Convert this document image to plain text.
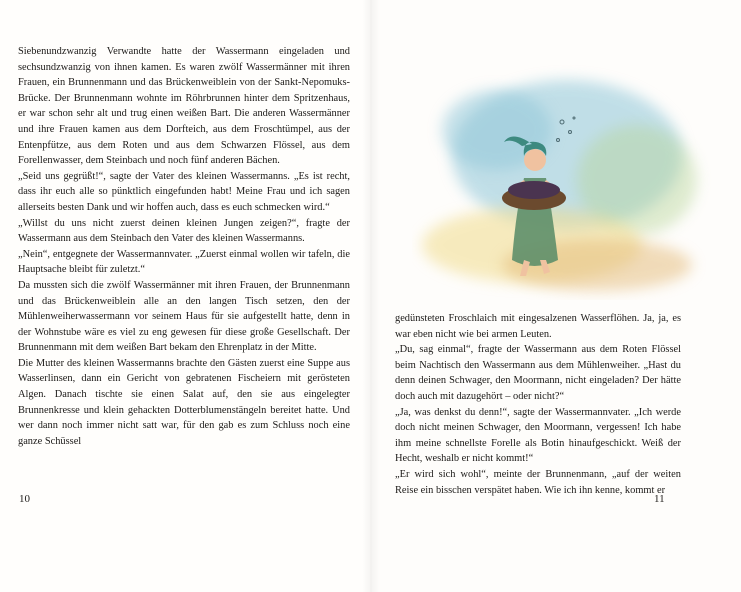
Siebenundzwanzig Verwandte hatte der Wassermann eingeladen und sechsundzwanzig von ihnen kamen. Es waren zwölf Wassermänner mit ihren Frauen, ein Brunnenmann und das Brückenweiblein von der Sankt-Nepomuks-Brücke. Der Brunnenmann wohnte im Röhrbrunnen hinter dem Spritzenhaus, er war schon sehr alt und trug einen weißen Bart. Die anderen Wassermänner und ihre Frauen kamen aus dem Dorfteich, aus dem Froschtümpel, aus der Entenpfütze, aus dem Roten und aus dem Schwarzen Flössel, aus dem Forellenwasser, dem Steinbach und noch fünf anderen Bächen.

„Seid uns gegrüßt!“, sagte der Vater des kleinen Wassermanns. „Es ist recht, dass ihr euch alle so pünktlich eingefunden habt! Meine Frau und ich sagen allerseits besten Dank und wir hoffen auch, dass es euch schmecken wird.“

„Willst du uns nicht zuerst deinen kleinen Jungen zeigen?“, fragte der Wassermann aus dem Steinbach den Vater des kleinen Wassermanns.

„Nein“, entgegnete der Wassermannvater. „Zuerst einmal wollen wir tafeln, die Hauptsache bleibt für zuletzt.“

Da mussten sich die zwölf Wassermänner mit ihren Frauen, der Brunnenmann und das Brückenweiblein alle an den langen Tisch setzen, den der Mühlenweiherwassermann vor seinem Haus für sie aufgestellt hatte, denn in der Wohnstube wäre es viel zu eng gewesen für diese große Gesellschaft. Der Brunnenmann mit dem weißen Bart bekam den Ehrenplatz in der Mitte.

Die Mutter des kleinen Wassermanns brachte den Gästen zuerst eine Suppe aus Wasserlinsen, dann ein Gericht von gebratenen Fischeiern mit gerösteten Algen. Danach tischte sie einen Salat auf, den sie aus eingelegter Brunnenkresse und klein gehackten Dotterblumenstängeln bereitet hatte. Und wer dann noch immer nicht satt war, für den gab es zum Schluss noch eine ganze Schüssel

10

gedünsteten Froschlaich mit eingesalzenen Wasserflöhen. Ja, ja, es war eben nicht wie bei armen Leuten.

„Du, sag einmal“, fragte der Wassermann aus dem Roten Flössel beim Nachtisch den Wassermann aus dem Mühlenweiher. „Hast du denn deinen Schwager, den Moormann, nicht eingeladen? Der hätte doch auch mit dazugehört – oder nicht?“

„Ja, was denkst du denn!“, sagte der Wassermannvater. „Ich werde doch nicht meinen Schwager, den Moormann, vergessen! Ich habe ihm meine schnellste Forelle als Botin hinaufgeschickt. Weiß der Hecht, weshalb er nicht kommt!“

„Er wird sich wohl“, meinte der Brunnenmann, „auf der weiten Reise ein bisschen verspätet haben. Wie ich ihn kenne, kommt er

11
